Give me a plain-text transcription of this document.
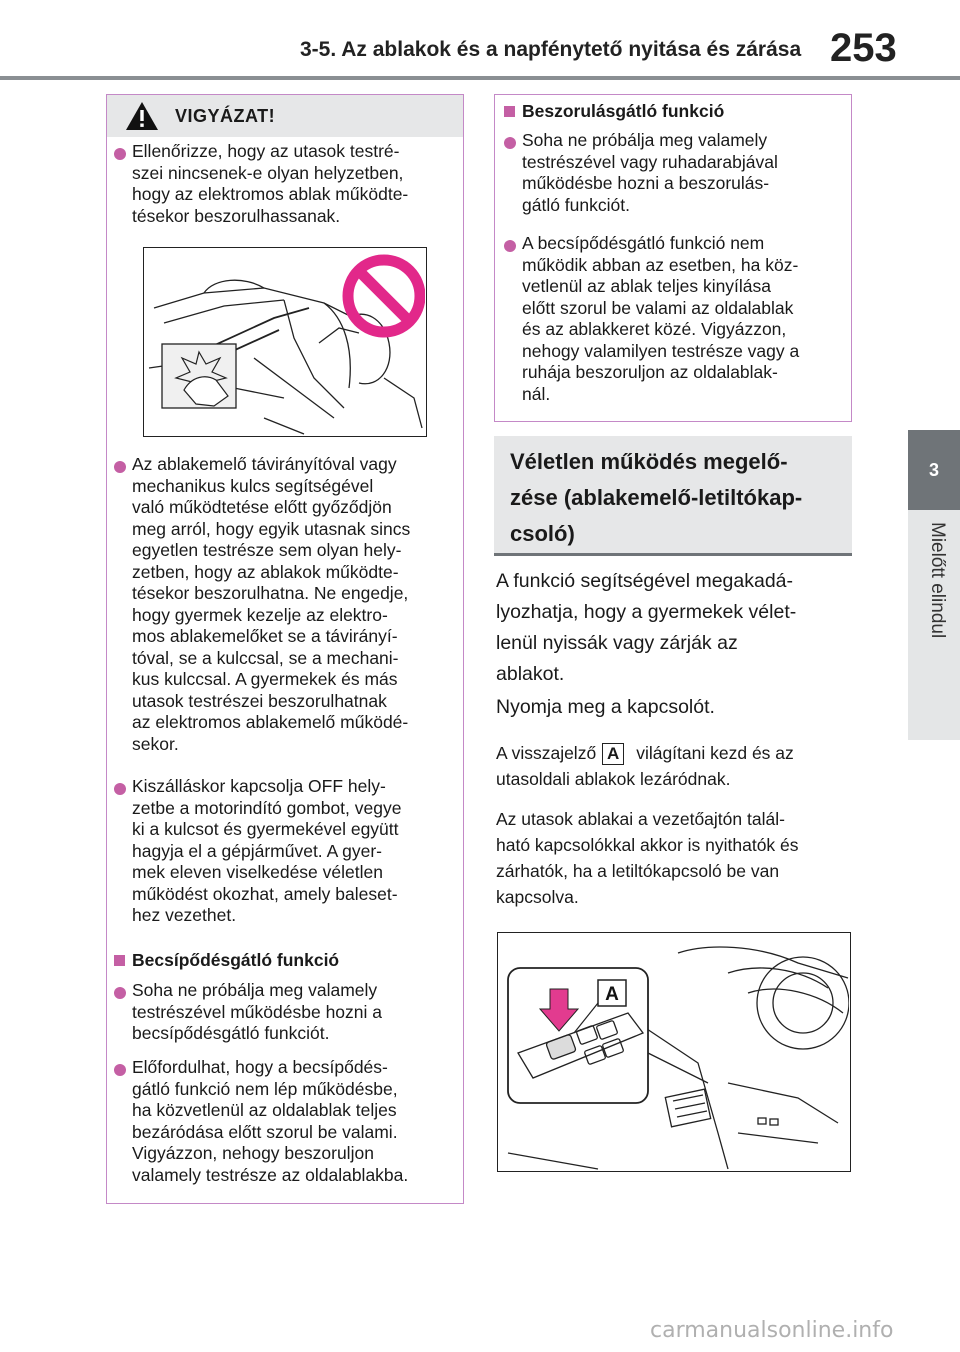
3-5. Az ablakok és a napfénytető nyitása és zárása 253
3
Mielőtt elindul
VIGYÁZAT!
Ellenőrizze, hogy az utasok testré-
szei nincsenek-e olyan helyzetben,
hogy az elektromos ablak működte-
tésekor beszorulhassanak.
Az ablakemelő távirányítóval vagy
mechanikus kulcs segítségével
való működtetése előtt győződjön
meg arról, hogy egyik utasnak sincs
egyetlen testrésze sem olyan hely-
zetben, hogy az ablakok működte-
tésekor beszorulhatna. Ne engedje,
hogy gyermek kezelje az elektro-
mos ablakemelőket se a távirányí-
tóval, se a kulccsal, se a mechani-
kus kulccsal. A gyermekek és más
utasok testrészei beszorulhatnak
az elektromos ablakemelő működé-
sekor.
Kiszálláskor kapcsolja OFF hely-
zetbe a motorindító gombot, vegye
ki a kulcsot és gyermekével együtt
hagyja el a gépjárművet. A gyer-
mek eleven viselkedése véletlen
működést okozhat, amely baleset-
hez vezethet.
Becsípődésgátló funkció
Soha ne próbálja meg valamely
testrészével működésbe hozni a
becsípődésgátló funkciót.
Előfordulhat, hogy a becsípődés-
gátló funkció nem lép működésbe,
ha közvetlenül az oldalablak teljes
bezáródása előtt szorul be valami.
Vigyázzon, nehogy beszoruljon
valamely testrésze az oldalablakba.
Beszorulásgátló funkció
Soha ne próbálja meg valamely
testrészével vagy ruhadarabjával
működésbe hozni a beszorulás-
gátló funkciót.
A becsípődésgátló funkció nem
működik abban az esetben, ha köz-
vetlenül az ablak teljes kinyílása
előtt szorul be valami az oldalablak
és az ablakkeret közé. Vigyázzon,
nehogy valamilyen testrésze vagy a
ruhája beszoruljon az oldalablak-
nál.
Véletlen működés megelő-
zése (ablakemelő-letiltókap-
csoló)
A funkció segítségével megakadá-
lyozhatja, hogy a gyermekek vélet-
lenül nyissák vagy zárják az
ablakot.
Nyomja meg a kapcsolót.
A visszajelző A világítani kezd és az
utasoldali ablakok lezáródnak.
Az utasok ablakai a vezetőajtón talál-
ható kapcsolókkal akkor is nyithatók és
zárhatók, ha a letiltókapcsoló be van
kapcsolva.
A
carmanualsonline.info
